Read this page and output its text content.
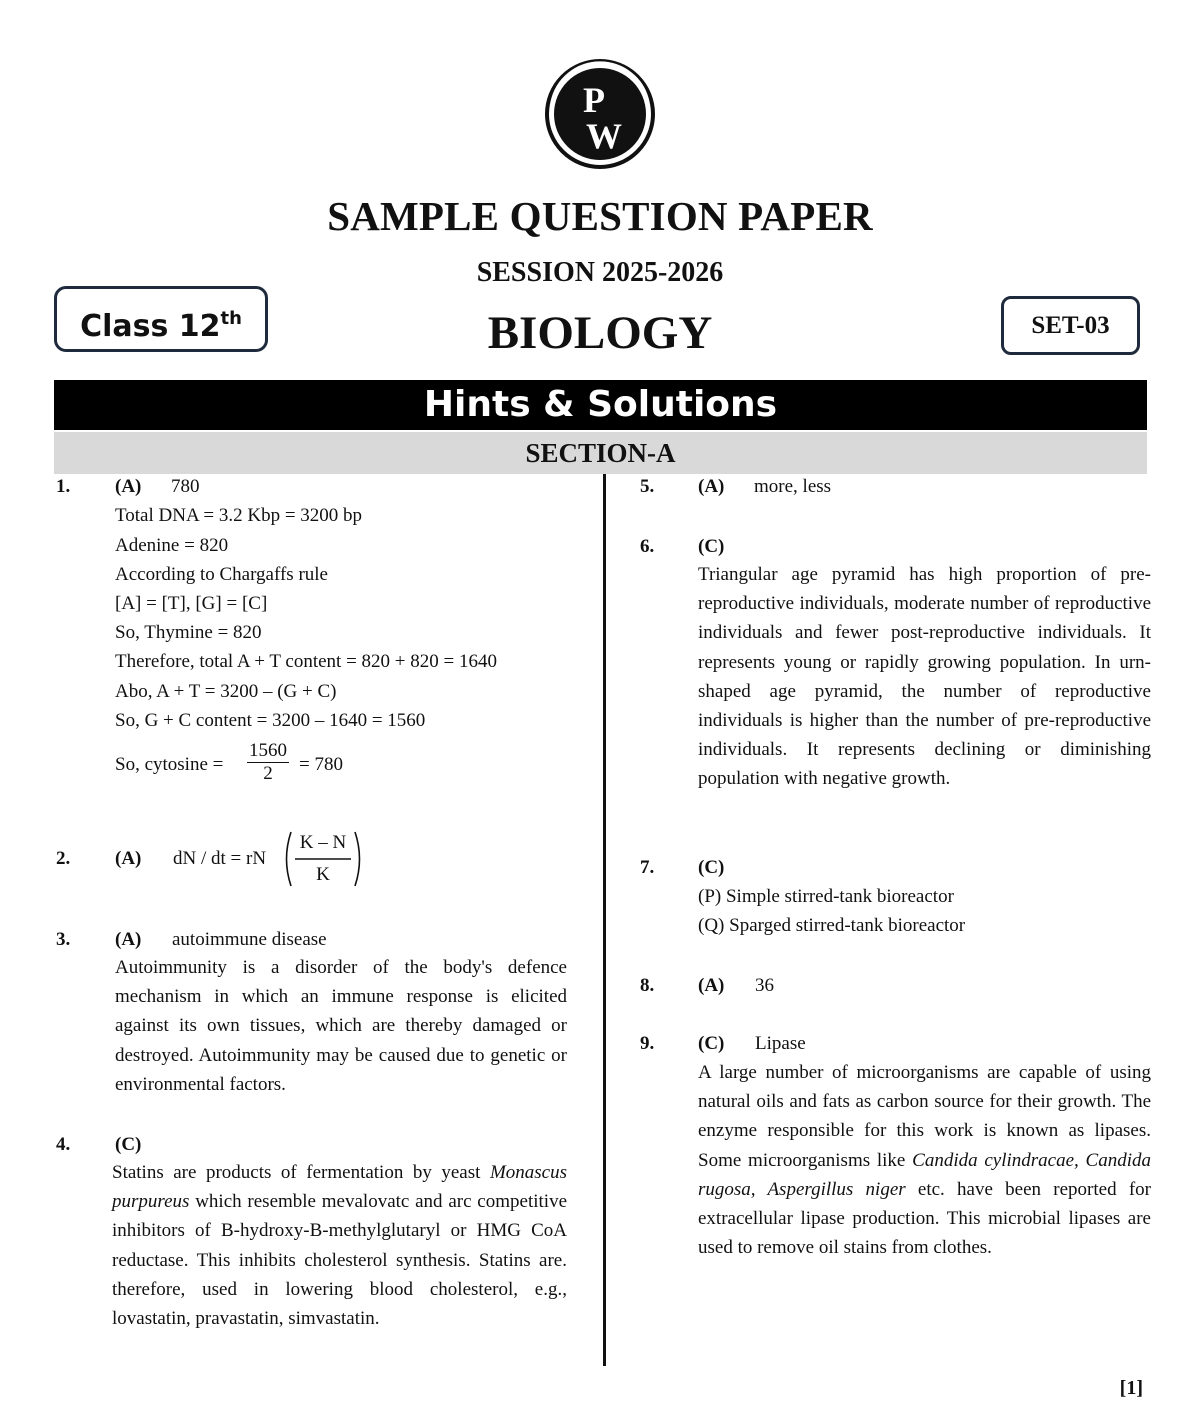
P
W
SAMPLE QUESTION PAPER
SESSION 2025-2026
BIOLOGY
Class 12th	SET-03
Hints & Solutions
SECTION-A
1. (A) 780
Total DNA = 3.2 Kbp = 3200 bp
Adenine = 820
According to Chargaffs rule
[A] = [T], [G] = [C]
So, Thymine = 820
Therefore, total A + T content = 820 + 820 = 1640
Abo, A + T = 3200 – (G + C)
So, G + C content = 3200 – 1640 = 1560
So, cytosine = $\frac{1560}{2} = 780$
2. (A) dN / dt = rN
K – N
K
3. (A) autoimmune disease
Autoimmunity is a disorder of the body's defence mechanism in which an immune response is elicited against its own tissues, which are thereby damaged or destroyed. Autoimmunity may be caused due to genetic or environmental factors.
4. (C)
Statins are products of fermentation by yeast Monascus purpureus which resemble mevalovatc and arc competitive inhibitors of B-hydroxy-B-methylglutaryl or HMG CoA reductase. This inhibits cholesterol synthesis. Statins are. therefore, used in lowering blood cholesterol, e.g., lovastatin, pravastatin, simvastatin.
5. (A) more, less
6. (C)
Triangular age pyramid has high proportion of pre-reproductive individuals, moderate number of reproductive individuals and fewer post-reproductive individuals. It represents young or rapidly growing population. In urn-shaped age pyramid, the number of reproductive individuals is higher than the number of pre-reproductive individuals. It represents declining or diminishing population with negative growth.
7. (C)
(P) Simple stirred-tank bioreactor
(Q) Sparged stirred-tank bioreactor
8. (A) 36
9. (C) Lipase
A large number of microorganisms are capable of using natural oils and fats as carbon source for their growth. The enzyme responsible for this work is known as lipases. Some microorganisms like Candida cylindracae, Candida rugosa, Aspergillus niger etc. have been reported for extracellular lipase production. This microbial lipases are used to remove oil stains from clothes.
[1]
